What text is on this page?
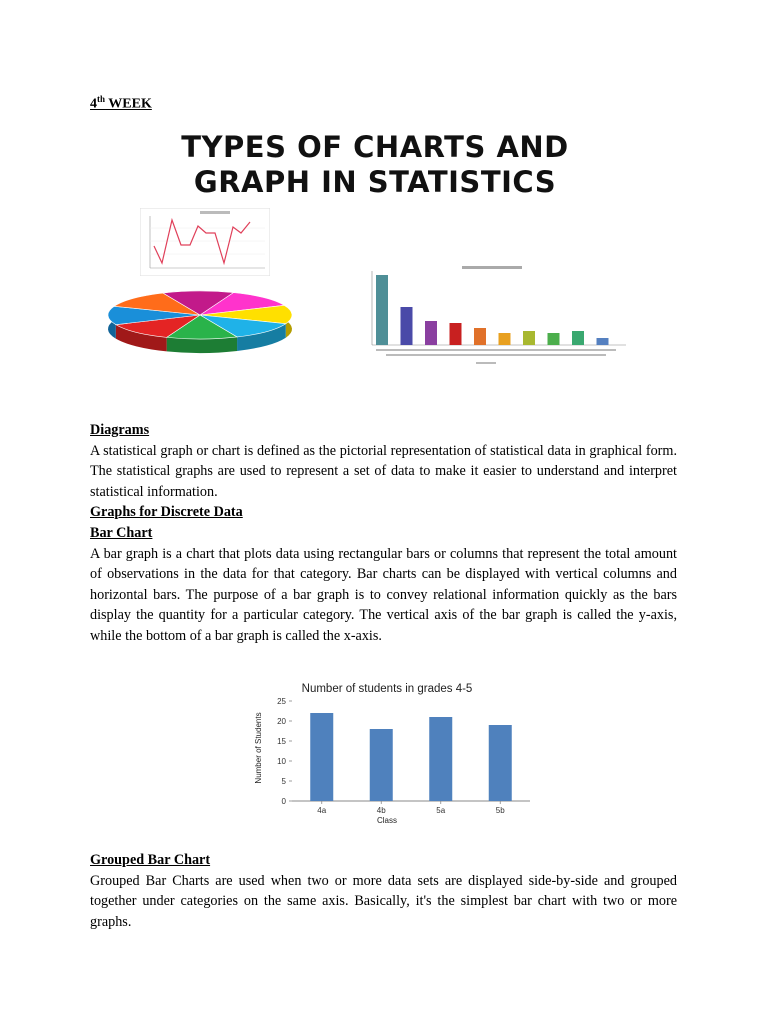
4th WEEK
TYPES OF CHARTS AND
GRAPH IN STATISTICS
Diagrams
A statistical graph or chart is defined as the pictorial representation of statistical data in graphical form. The statistical graphs are used to represent a set of data to make it easier to understand and interpret statistical information.
Graphs for Discrete Data
Bar Chart
A bar graph is a chart that plots data using rectangular bars or columns that represent the total amount of observations in the data for that category. Bar charts can be displayed with vertical columns and horizontal bars. The purpose of a bar graph is to convey relational information quickly as the bars display the quantity for a particular category. The vertical axis of the bar graph is called the y-axis, while the bottom of a bar graph is called the x-axis.
Number of students in grades 4-5
Number of Students
Class
0
5
10
15
20
25
4a	4b	5a	5b
Grouped Bar Chart
Grouped Bar Charts are used when two or more data sets are displayed side-by-side and grouped together under categories on the same axis. Basically, it's the simplest bar chart with two or more graphs.
